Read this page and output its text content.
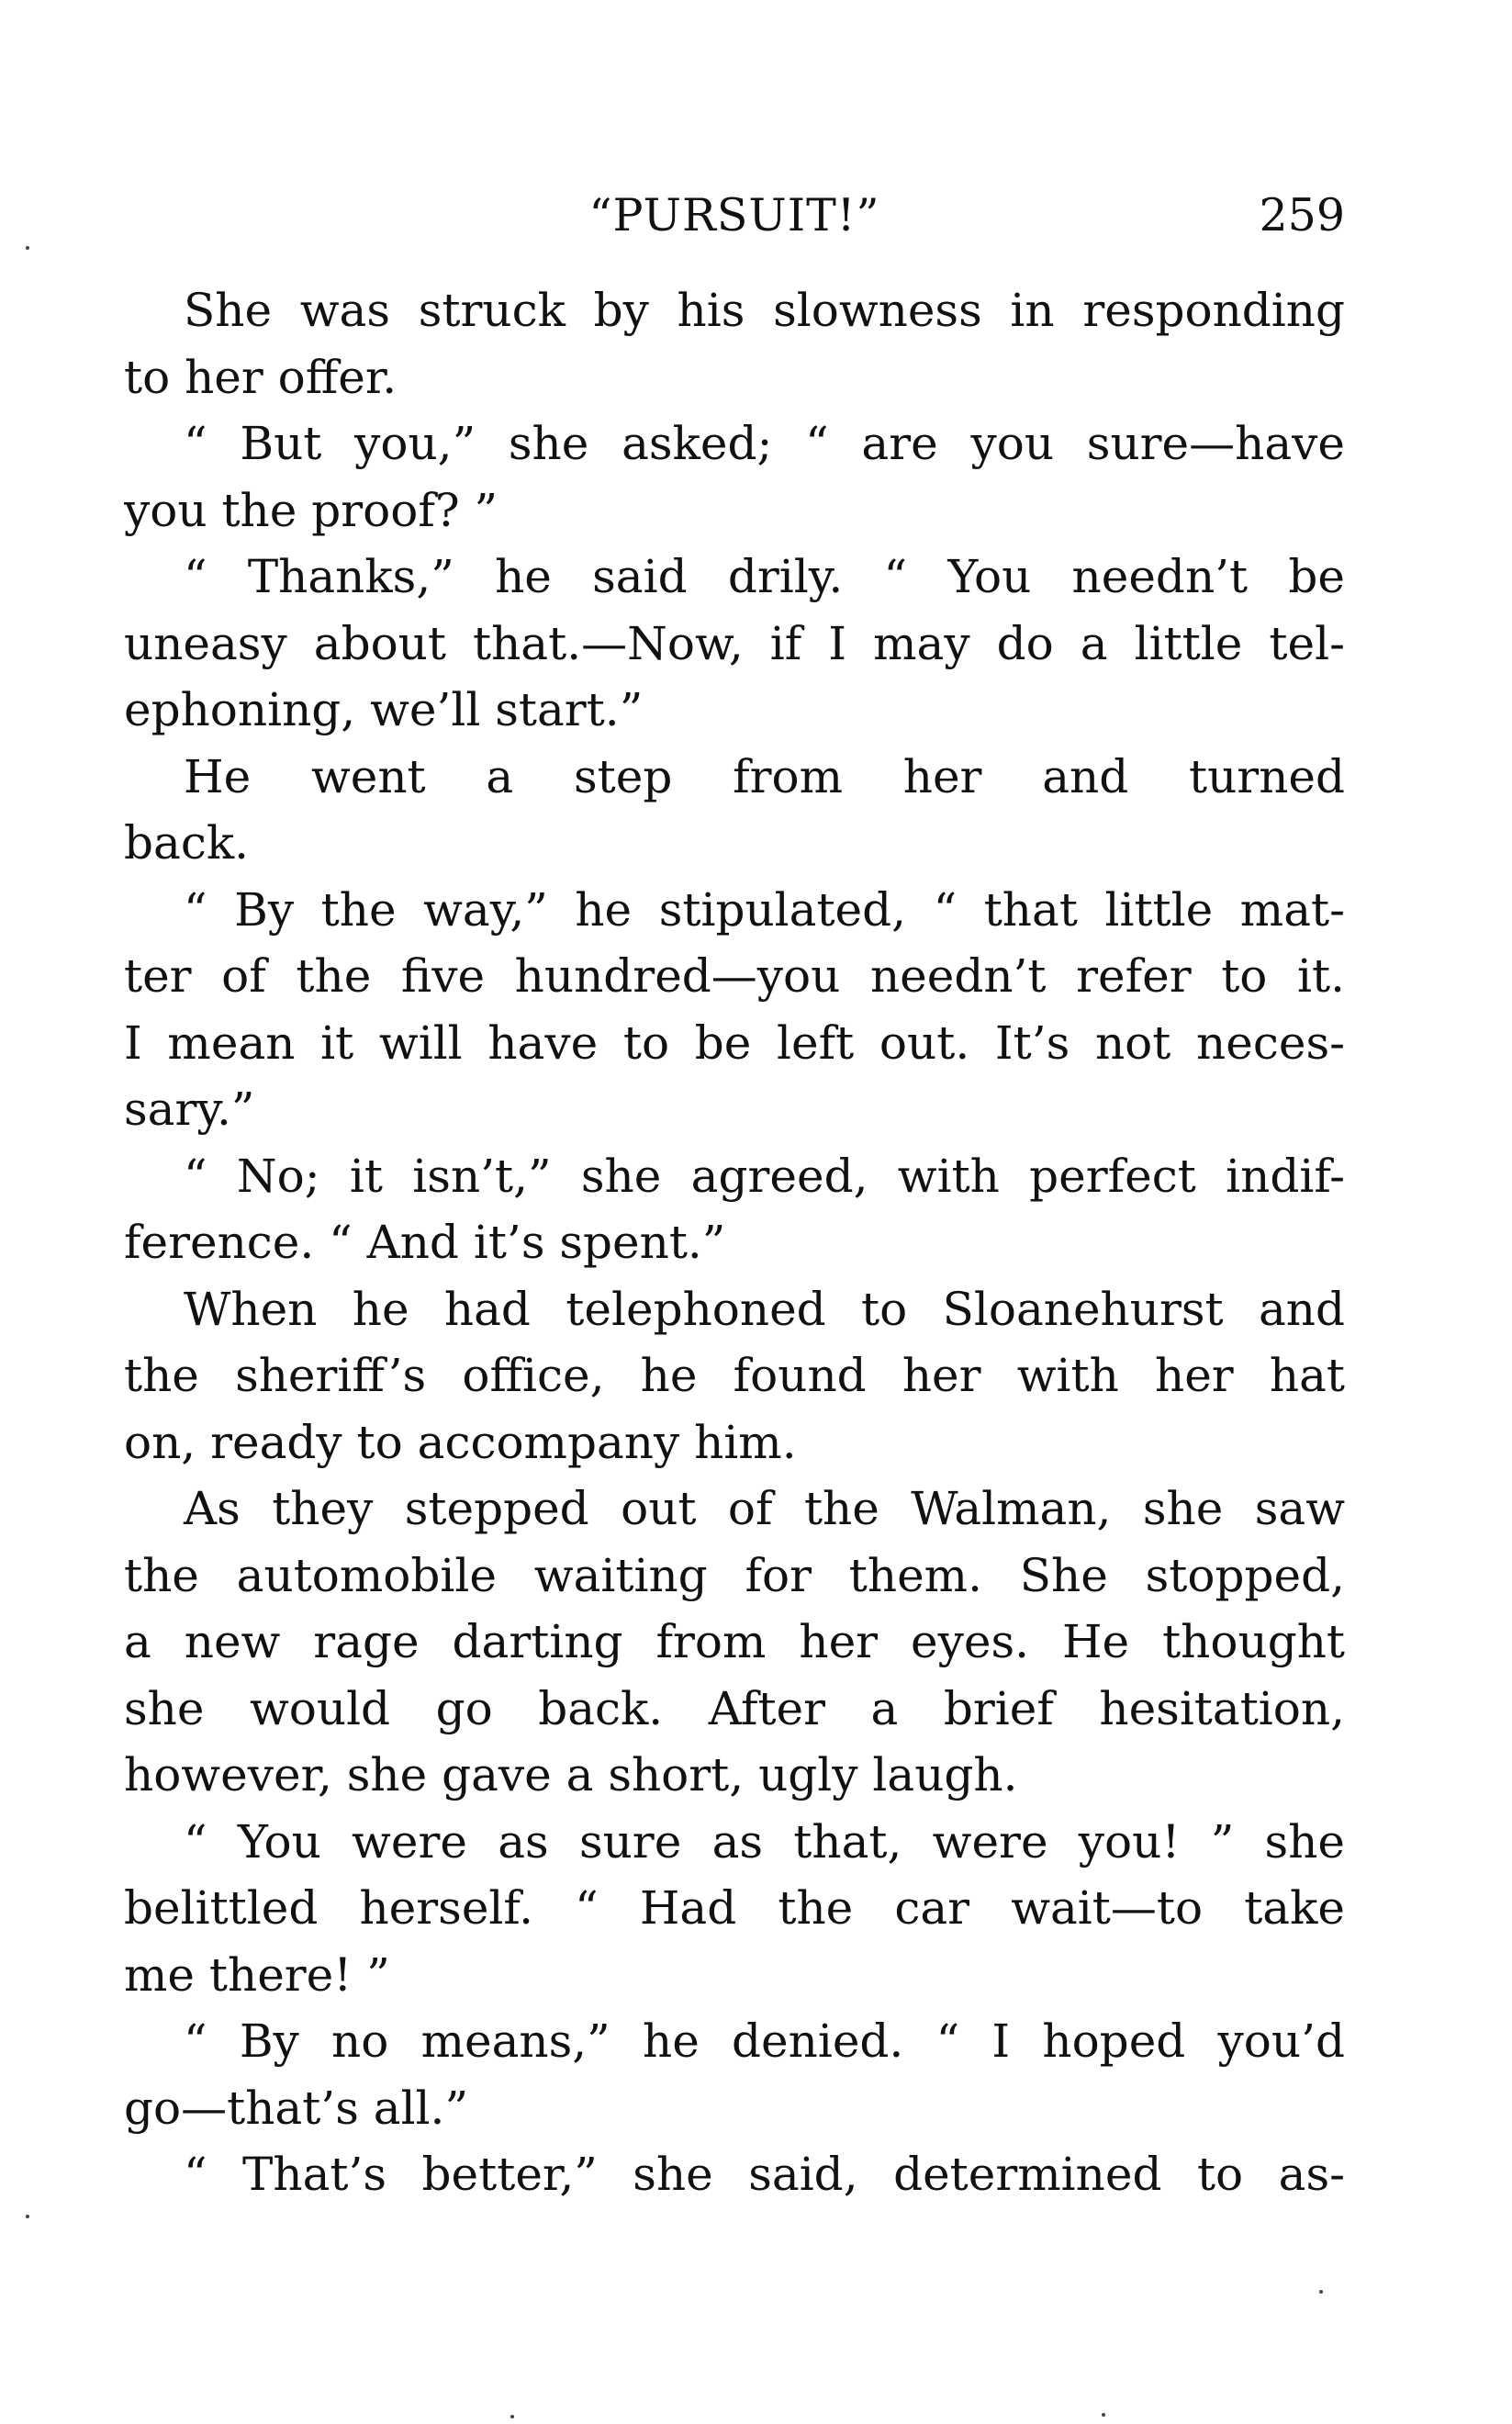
“PURSUIT!”	259
She was struck by his slowness in responding
to her offer.
“ But you,” she asked; “ are you sure—have
you the proof? ”
“ Thanks,” he said drily. “ You needn’t be
uneasy about that.—Now, if I may do a little tel-
ephoning, we’ll start.”
He went a step from her and turned
back.
“ By the way,” he stipulated, “ that little mat-
ter of the five hundred—you needn’t refer to it.
I mean it will have to be left out. It’s not neces-
sary.”
“ No; it isn’t,” she agreed, with perfect indif-
ference. “ And it’s spent.”
When he had telephoned to Sloanehurst and
the sheriff’s office, he found her with her hat
on, ready to accompany him.
As they stepped out of the Walman, she saw
the automobile waiting for them. She stopped,
a new rage darting from her eyes. He thought
she would go back. After a brief hesitation,
however, she gave a short, ugly laugh.
“ You were as sure as that, were you! ” she
belittled herself. “ Had the car wait—to take
me there! ”
“ By no means,” he denied. “ I hoped you’d
go—that’s all.”
“ That’s better,” she said, determined to as-
